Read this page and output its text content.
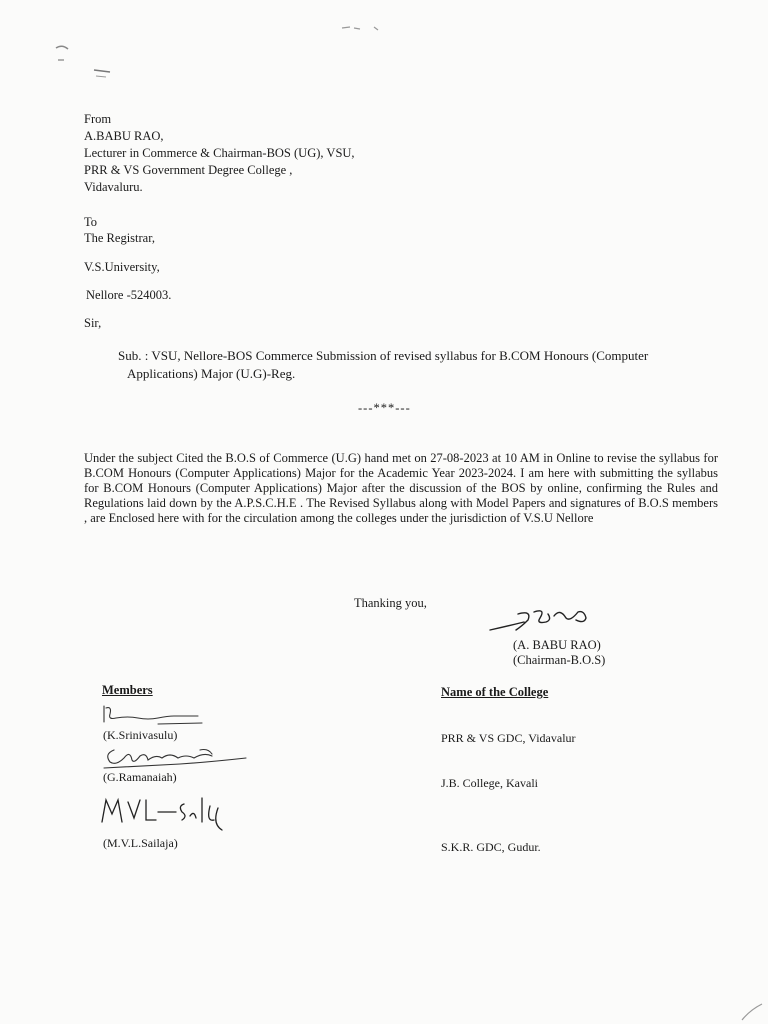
From
A.BABU RAO,
Lecturer in Commerce & Chairman-BOS (UG), VSU,
PRR & VS Government Degree College ,
Vidavaluru.
To
The Registrar,
V.S.University,
Nellore -524003.
Sir,
Sub. : VSU, Nellore-BOS Commerce Submission of revised syllabus for B.COM Honours (Computer
Applications) Major (U.G)-Reg.
---***---
Under the subject Cited the B.O.S of Commerce (U.G) hand met on 27-08-2023 at 10 AM in Online to revise the syllabus for B.COM Honours (Computer Applications) Major for the Academic Year 2023-2024. I am here with submitting the syllabus for B.COM Honours (Computer Applications) Major after the discussion of the BOS by online, confirming the Rules and Regulations laid down by the A.P.S.C.H.E . The Revised Syllabus along with Model Papers and signatures of B.O.S members , are Enclosed here with for the circulation among the colleges under the jurisdiction of V.S.U Nellore
Thanking you,
(A. BABU RAO)
(Chairman-B.O.S)
Members	Name of the College
(K.Srinivasulu)	PRR & VS GDC, Vidavalur
(G.Ramanaiah)	J.B. College, Kavali
(M.V.L.Sailaja)	S.K.R. GDC, Gudur.
